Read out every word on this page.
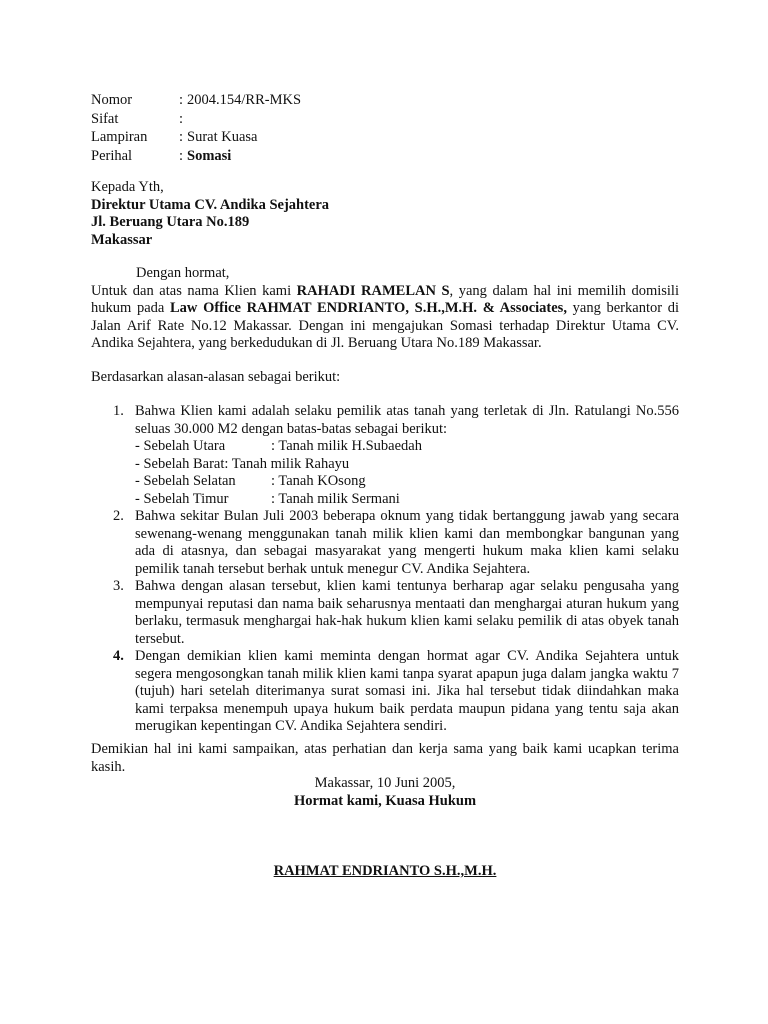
Nomor	: 2004.154/RR-MKS
Sifat	:
Lampiran : Surat Kuasa
Perihal	: Somasi
Kepada Yth,
Direktur Utama CV. Andika Sejahtera
Jl. Beruang Utara No.189
Makassar
Dengan hormat,
Untuk dan atas nama Klien kami RAHADI RAMELAN S, yang dalam hal ini memilih domisili hukum pada Law Office RAHMAT ENDRIANTO, S.H.,M.H. & Associates, yang berkantor di Jalan Arif Rate No.12 Makassar. Dengan ini mengajukan Somasi terhadap Direktur Utama CV. Andika Sejahtera, yang berkedudukan di Jl. Beruang Utara No.189 Makassar.
Berdasarkan alasan-alasan sebagai berikut:
1. Bahwa Klien kami adalah selaku pemilik atas tanah yang terletak di Jln. Ratulangi No.556 seluas 30.000 M2 dengan batas-batas sebagai berikut:
- Sebelah Utara	: Tanah milik H.Subaedah
- Sebelah Barat: Tanah milik Rahayu
- Sebelah Selatan	: Tanah KOsong
- Sebelah Timur	: Tanah milik Sermani
2. Bahwa sekitar Bulan Juli 2003 beberapa oknum yang tidak bertanggung jawab yang secara sewenang-wenang menggunakan tanah milik klien kami dan membongkar bangunan yang ada di atasnya, dan sebagai masyarakat yang mengerti hukum maka klien kami selaku pemilik tanah tersebut berhak untuk menegur CV. Andika Sejahtera.
3. Bahwa dengan alasan tersebut, klien kami tentunya berharap agar selaku pengusaha yang mempunyai reputasi dan nama baik seharusnya mentaati dan menghargai aturan hukum yang berlaku, termasuk menghargai hak-hak hukum klien kami selaku pemilik di atas obyek tanah tersebut.
4. Dengan demikian klien kami meminta dengan hormat agar CV. Andika Sejahtera untuk segera mengosongkan tanah milik klien kami tanpa syarat apapun juga dalam jangka waktu 7 (tujuh) hari setelah diterimanya surat somasi ini. Jika hal tersebut tidak diindahkan maka kami terpaksa menempuh upaya hukum baik perdata maupun pidana yang tentu saja akan merugikan kepentingan CV. Andika Sejahtera sendiri.
Demikian hal ini kami sampaikan, atas perhatian dan kerja sama yang baik kami ucapkan terima kasih.
Makassar, 10 Juni 2005,
Hormat kami, Kuasa Hukum
RAHMAT ENDRIANTO S.H.,M.H.
